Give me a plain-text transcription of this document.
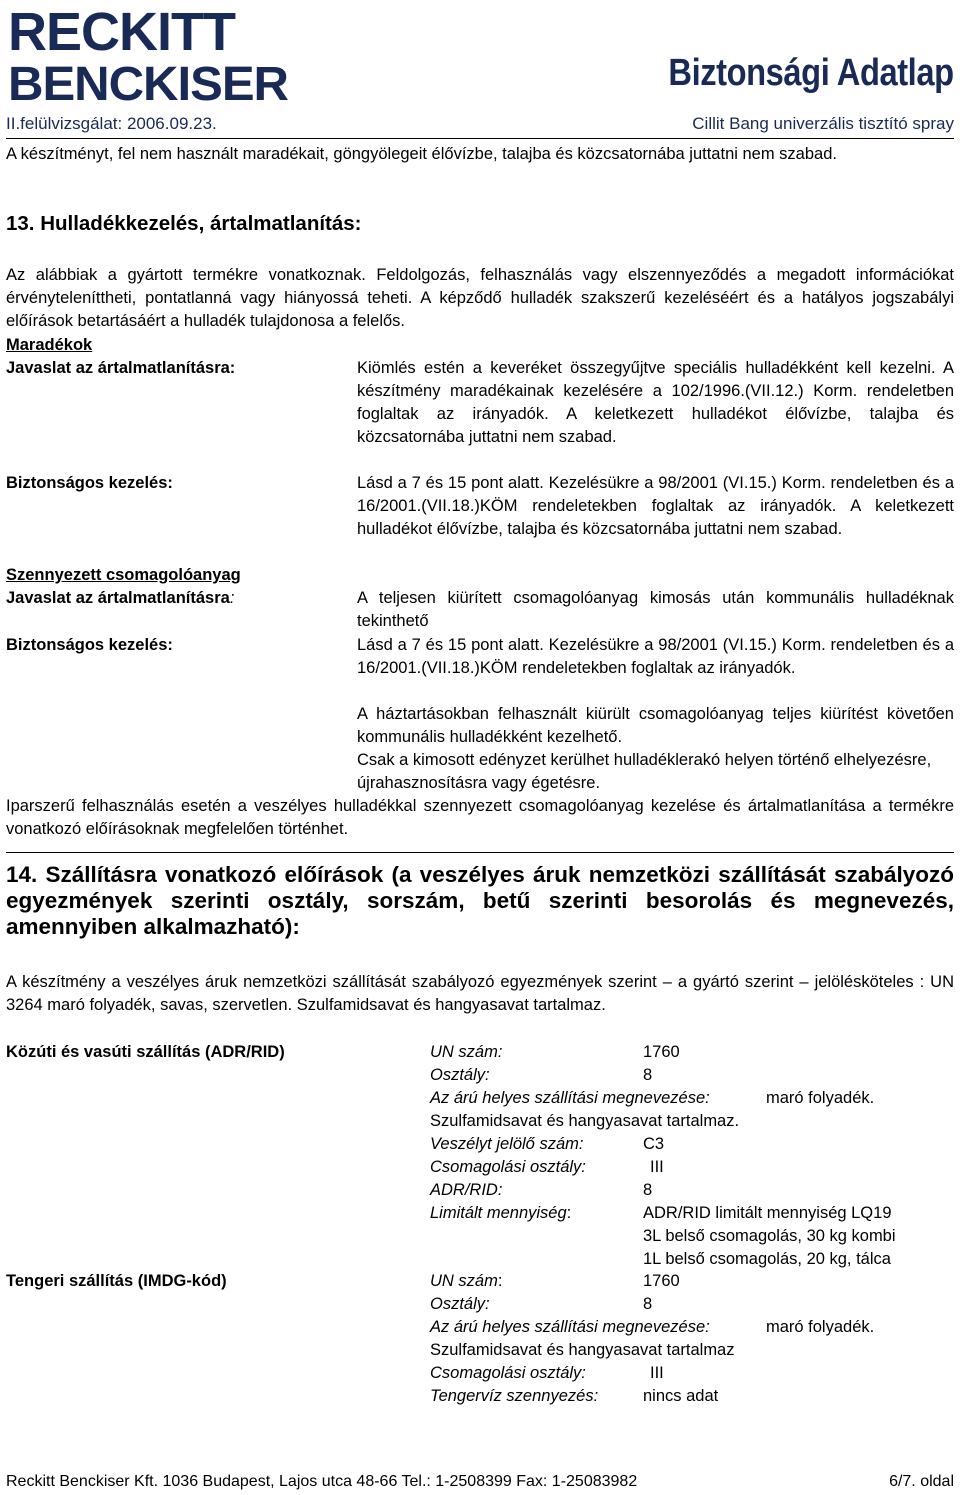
RECKITT
BENCKISER	Biztonsági Adatlap
II.felülvizsgálat: 2006.09.23.	Cillit Bang univerzális tisztító spray
A készítményt, fel nem használt maradékait, göngyölegeit élővízbe, talajba és közcsatornába juttatni nem szabad.
13. Hulladékkezelés, ártalmatlanítás:
Az alábbiak a gyártott termékre vonatkoznak. Feldolgozás, felhasználás vagy elszennyeződés a megadott információkat érvényteleníttheti, pontatlanná vagy hiányossá teheti. A képződő hulladék szakszerű kezeléséért és a hatályos jogszabályi előírások betartásáért a hulladék tulajdonosa a felelős.
Maradékok
Javaslat az ártalmatlanításra:	Kiömlés estén a keveréket összegyűjtve speciális hulladékként kell kezelni. A készítmény maradékainak kezelésére a 102/1996.(VII.12.) Korm. rendeletben foglaltak az irányadók. A keletkezett hulladékot élővízbe, talajba és közcsatornába juttatni nem szabad.
Biztonságos kezelés:	Lásd a 7 és 15 pont alatt. Kezelésükre a 98/2001 (VI.15.) Korm. rendeletben és a 16/2001.(VII.18.)KÖM rendeletekben foglaltak az irányadók. A keletkezett hulladékot élővízbe, talajba és közcsatornába juttatni nem szabad.
Szennyezett csomagolóanyag
Javaslat az ártalmatlanításra:	A teljesen kiürített csomagolóanyag kimosás után kommunális hulladéknak tekinthető
Biztonságos kezelés:	Lásd a 7 és 15 pont alatt. Kezelésükre a 98/2001 (VI.15.) Korm. rendeletben és a 16/2001.(VII.18.)KÖM rendeletekben foglaltak az irányadók.
A háztartásokban felhasznált kiürült csomagolóanyag teljes kiürítést követően kommunális hulladékként kezelhető.
Csak a kimosott edényzet kerülhet hulladéklerakó helyen történő elhelyezésre, újrahasznosításra vagy égetésre.
Iparszerű felhasználás esetén a veszélyes hulladékkal szennyezett csomagolóanyag kezelése és ártalmatlanítása a termékre vonatkozó előírásoknak megfelelően történhet.
14. Szállításra vonatkozó előírások (a veszélyes áruk nemzetközi szállítását szabályozó egyezmények szerinti osztály, sorszám, betű szerinti besorolás és megnevezés, amennyiben alkalmazható):
A készítmény a veszélyes áruk nemzetközi szállítását szabályozó egyezmények szerint – a gyártó szerint – jelölésköteles : UN 3264 maró folyadék, savas, szervetlen. Szulfamidsavat és hangyasavat tartalmaz.
Közúti és vasúti szállítás (ADR/RID)	UN szám:	1760
Osztály:	8
Az árú helyes szállítási megnevezése:	maró folyadék.
Szulfamidsavat és hangyasavat tartalmaz.
Veszélyt jelölő szám:	C3
Csomagolási osztály:	III
ADR/RID:	8
Limitált mennyiség:	ADR/RID limitált mennyiség LQ19
3L belső csomagolás, 30 kg kombi
1L belső csomagolás, 20 kg, tálca
Tengeri szállítás (IMDG-kód)	UN szám:	1760
Osztály:	8
Az árú helyes szállítási megnevezése:	maró folyadék.
Szulfamidsavat és hangyasavat tartalmaz
Csomagolási osztály:	III
Tengervíz szennyezés:	nincs adat
Reckitt Benckiser Kft. 1036 Budapest, Lajos utca 48-66 Tel.: 1-2508399 Fax: 1-25083982	6/7. oldal
